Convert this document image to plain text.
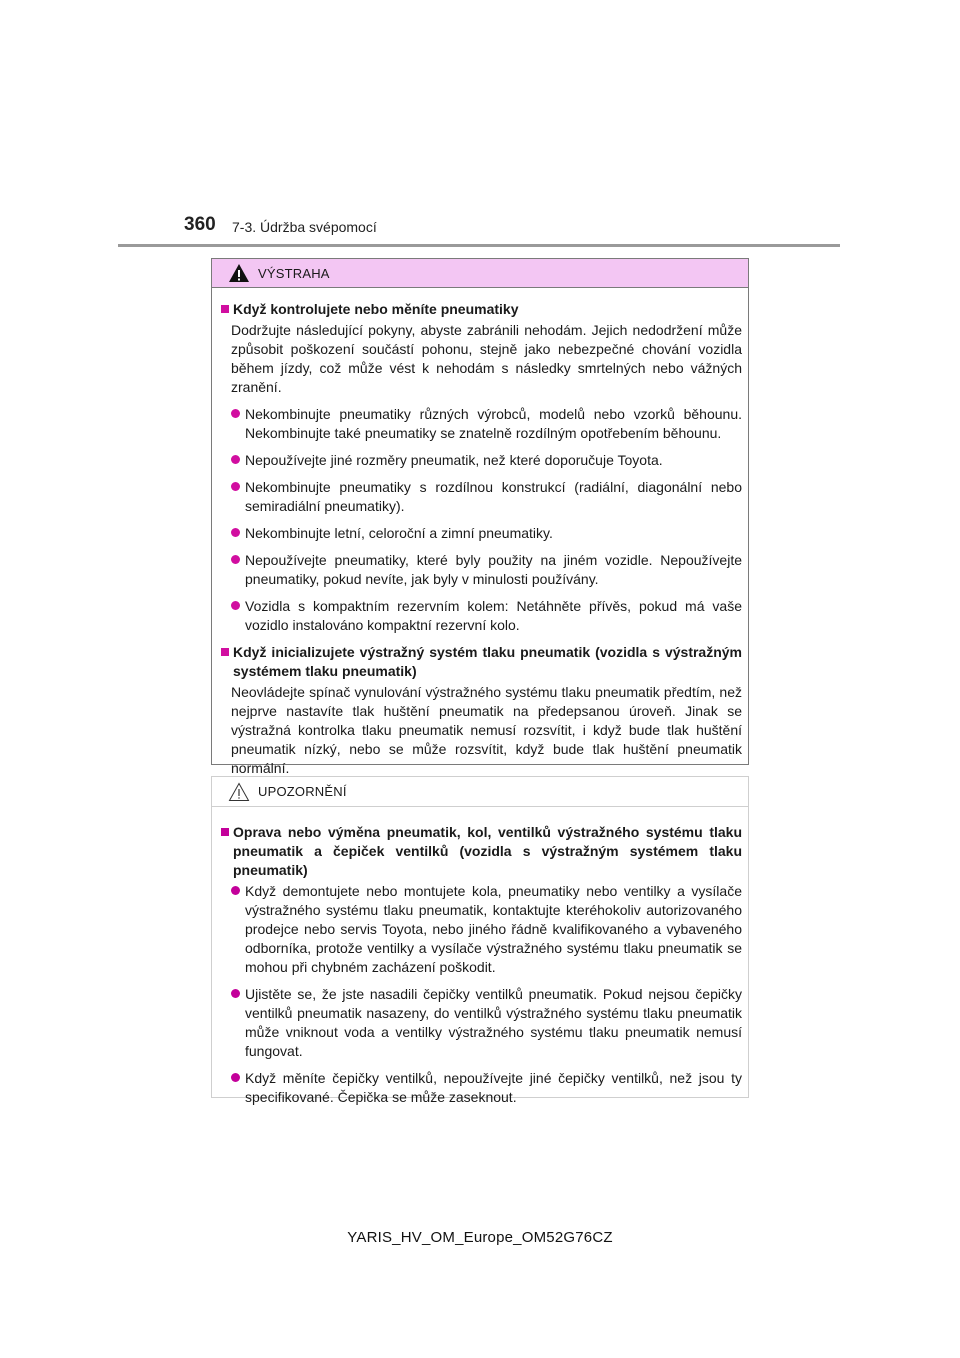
360 7-3. Údržba svépomocí
VÝSTRAHA
Když kontrolujete nebo měníte pneumatiky
Dodržujte následující pokyny, abyste zabránili nehodám. Jejich nedodržení může způsobit poškození součástí pohonu, stejně jako nebezpečné chování vozidla během jízdy, což může vést k nehodám s následky smrtelných nebo vážných zranění.
Nekombinujte pneumatiky různých výrobců, modelů nebo vzorků běhounu. Nekombinujte také pneumatiky se znatelně rozdílným opotřebením běhounu.
Nepoužívejte jiné rozměry pneumatik, než které doporučuje Toyota.
Nekombinujte pneumatiky s rozdílnou konstrukcí (radiální, diagonální nebo semiradiální pneumatiky).
Nekombinujte letní, celoroční a zimní pneumatiky.
Nepoužívejte pneumatiky, které byly použity na jiném vozidle. Nepoužívejte pneumatiky, pokud nevíte, jak byly v minulosti používány.
Vozidla s kompaktním rezervním kolem: Netáhněte přívěs, pokud má vaše vozidlo instalováno kompaktní rezervní kolo.
Když inicializujete výstražný systém tlaku pneumatik (vozidla s výstražným systémem tlaku pneumatik)
Neovládejte spínač vynulování výstražného systému tlaku pneumatik předtím, než nejprve nastavíte tlak huštění pneumatik na předepsanou úroveň. Jinak se výstražná kontrolka tlaku pneumatik nemusí rozsvítit, i když bude tlak huštění pneumatik nízký, nebo se může rozsvítit, když bude tlak huštění pneumatik normální.
UPOZORNĚNÍ
Oprava nebo výměna pneumatik, kol, ventilků výstražného systému tlaku pneumatik a čepiček ventilků (vozidla s výstražným systémem tlaku pneumatik)
Když demontujete nebo montujete kola, pneumatiky nebo ventilky a vysílače výstražného systému tlaku pneumatik, kontaktujte kteréhokoliv autorizovaného prodejce nebo servis Toyota, nebo jiného řádně kvalifikovaného a vybaveného odborníka, protože ventilky a vysílače výstražného systému tlaku pneumatik se mohou při chybném zacházení poškodit.
Ujistěte se, že jste nasadili čepičky ventilků pneumatik. Pokud nejsou čepičky ventilků pneumatik nasazeny, do ventilků výstražného systému tlaku pneumatik může vniknout voda a ventilky výstražného systému tlaku pneumatik nemusí fungovat.
Když měníte čepičky ventilků, nepoužívejte jiné čepičky ventilků, než jsou ty specifikované. Čepička se může zaseknout.
YARIS_HV_OM_Europe_OM52G76CZ
